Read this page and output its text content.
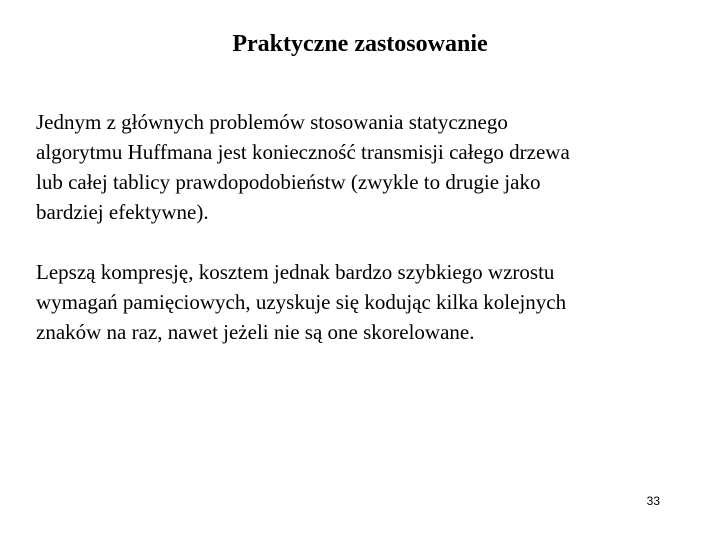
Praktyczne zastosowanie

Jednym z głównych problemów stosowania statycznego
algorytmu Huffmana jest konieczność transmisji całego drzewa
lub całej tablicy prawdopodobieństw (zwykle to drugie jako
bardziej efektywne).

Lepszą kompresję, kosztem jednak bardzo szybkiego wzrostu
wymagań pamięciowych, uzyskuje się kodując kilka kolejnych
znaków na raz, nawet jeżeli nie są one skorelowane.

33
